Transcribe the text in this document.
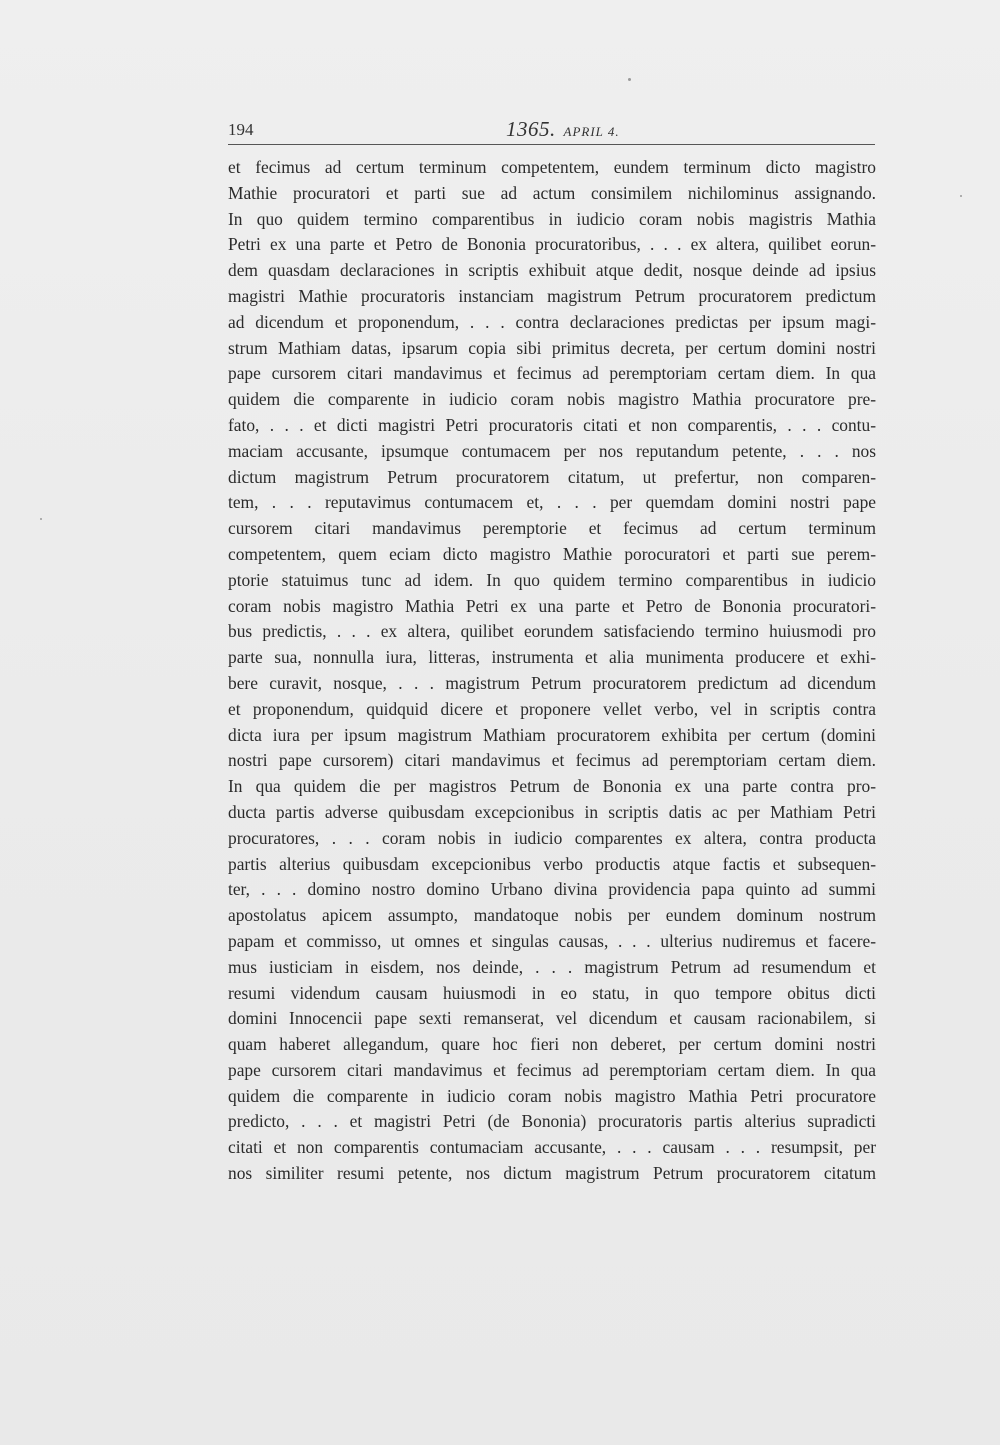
194	1365. APRIL 4.
et fecimus ad certum terminum competentem, eundem terminum dicto magistro
Mathie procuratori et parti sue ad actum consimilem nichilominus assignando.
In quo quidem termino comparentibus in iudicio coram nobis magistris Mathia
Petri ex una parte et Petro de Bononia procuratoribus, . . . ex altera, quilibet eorun-
dem quasdam declaraciones in scriptis exhibuit atque dedit, nosque deinde ad ipsius
magistri Mathie procuratoris instanciam magistrum Petrum procuratorem predictum
ad dicendum et proponendum, . . . contra declaraciones predictas per ipsum magi-
strum Mathiam datas, ipsarum copia sibi primitus decreta, per certum domini nostri
pape cursorem citari mandavimus et fecimus ad peremptoriam certam diem. In qua
quidem die comparente in iudicio coram nobis magistro Mathia procuratore pre-
fato, . . . et dicti magistri Petri procuratoris citati et non comparentis, . . . contu-
maciam accusante, ipsumque contumacem per nos reputandum petente, . . . nos
dictum magistrum Petrum procuratorem citatum, ut prefertur, non comparen-
tem, . . . reputavimus contumacem et, . . . per quemdam domini nostri pape
cursorem citari mandavimus peremptorie et fecimus ad certum terminum
competentem, quem eciam dicto magistro Mathie porocuratori et parti sue perem-
ptorie statuimus tunc ad idem. In quo quidem termino comparentibus in iudicio
coram nobis magistro Mathia Petri ex una parte et Petro de Bononia procuratori-
bus predictis, . . . ex altera, quilibet eorundem satisfaciendo termino huiusmodi pro
parte sua, nonnulla iura, litteras, instrumenta et alia munimenta producere et exhi-
bere curavit, nosque, . . . magistrum Petrum procuratorem predictum ad dicendum
et proponendum, quidquid dicere et proponere vellet verbo, vel in scriptis contra
dicta iura per ipsum magistrum Mathiam procuratorem exhibita per certum (domini
nostri pape cursorem) citari mandavimus et fecimus ad peremptoriam certam diem.
In qua quidem die per magistros Petrum de Bononia ex una parte contra pro-
ducta partis adverse quibusdam excepcionibus in scriptis datis ac per Mathiam Petri
procuratores, . . . coram nobis in iudicio comparentes ex altera, contra producta
partis alterius quibusdam excepcionibus verbo productis atque factis et subsequen-
ter, . . . domino nostro domino Urbano divina providencia papa quinto ad summi
apostolatus apicem assumpto, mandatoque nobis per eundem dominum nostrum
papam et commisso, ut omnes et singulas causas, . . . ulterius nudiremus et facere-
mus iusticiam in eisdem, nos deinde, . . . magistrum Petrum ad resumendum et
resumi videndum causam huiusmodi in eo statu, in quo tempore obitus dicti
domini Innocencii pape sexti remanserat, vel dicendum et causam racionabilem, si
quam haberet allegandum, quare hoc fieri non deberet, per certum domini nostri
pape cursorem citari mandavimus et fecimus ad peremptoriam certam diem. In qua
quidem die comparente in iudicio coram nobis magistro Mathia Petri procuratore
predicto, . . . et magistri Petri (de Bononia) procuratoris partis alterius supradicti
citati et non comparentis contumaciam accusante, . . . causam . . . resumpsit, per
nos similiter resumi petente, nos dictum magistrum Petrum procuratorem citatum
